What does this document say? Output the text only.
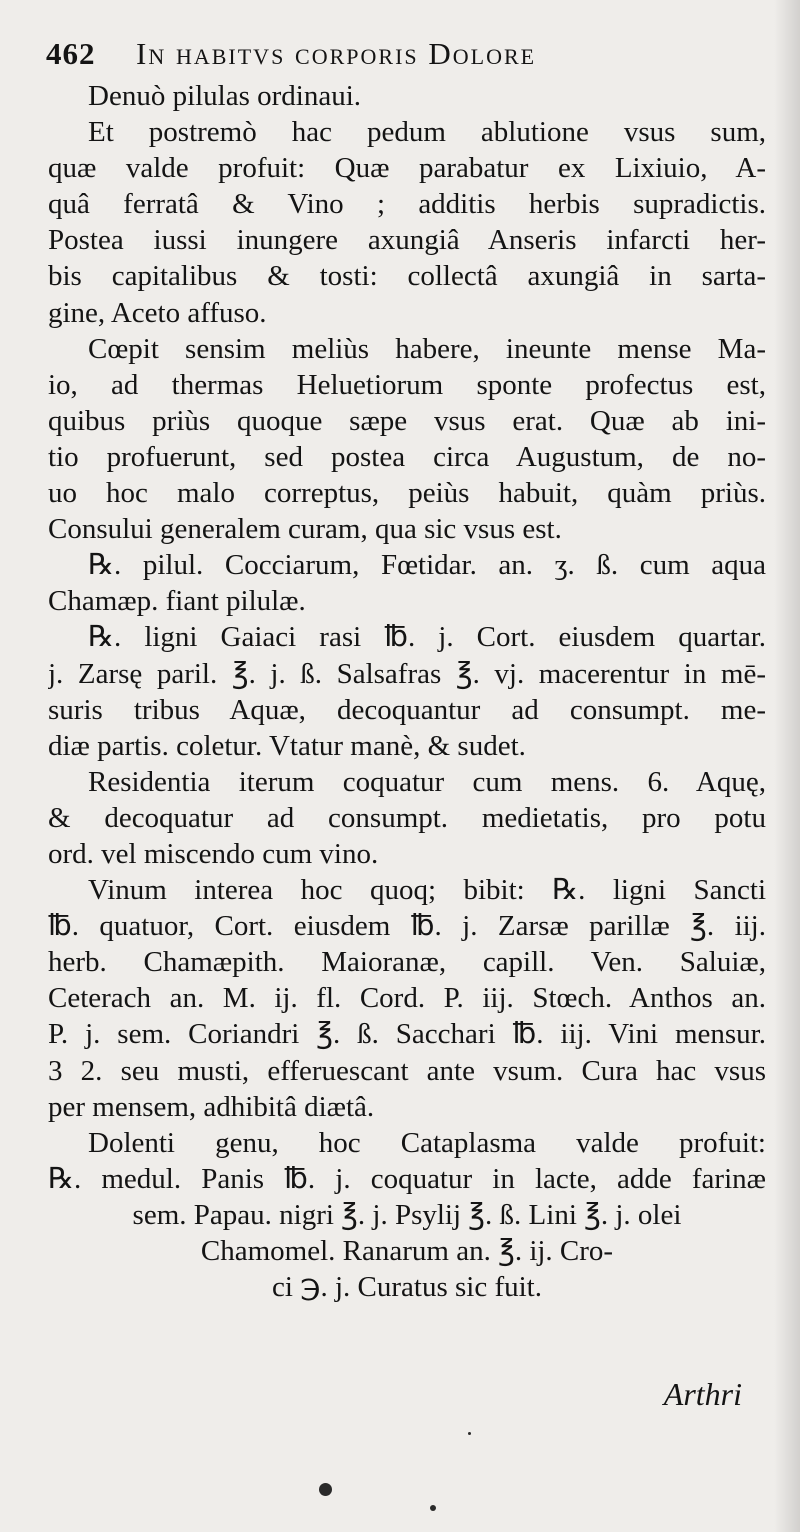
462 In habitvs corporis Dolore
Denuò pilulas ordinaui.
Et postremò hac pedum ablutione vsus sum,
quæ valde profuit: Quæ parabatur ex Lixiuio, A-
quâ ferratâ & Vino ; additis herbis supradictis.
Postea iussi inungere axungiâ Anseris infarcti her-
bis capitalibus & tosti: collectâ axungiâ in sarta-
gine, Aceto affuso.
Cœpit sensim meliùs habere, ineunte mense Ma-
io, ad thermas Heluetiorum sponte profectus est,
quibus priùs quoque sæpe vsus erat. Quæ ab ini-
tio profuerunt, sed postea circa Augustum, de no-
uo hoc malo correptus, peiùs habuit, quàm priùs.
Consului generalem curam, qua sic vsus est.
℞. pilul. Cocciarum, Fœtidar. an. ʒ. ß. cum aqua
Chamæp. fiant pilulæ.
℞. ligni Gaiaci rasi ℔. j. Cort. eiusdem quartar.
j. Zarsę paril. ℥. j. ß. Salsafras ℥. vj. macerentur in mē-
suris tribus Aquæ, decoquantur ad consumpt. me-
diæ partis. coletur. Vtatur manè, & sudet.
Residentia iterum coquatur cum mens. 6. Aquę,
& decoquatur ad consumpt. medietatis, pro potu
ord. vel miscendo cum vino.
Vinum interea hoc quoq; bibit: ℞. ligni Sancti
℔. quatuor, Cort. eiusdem ℔. j. Zarsæ parillæ ℥. iij.
herb. Chamæpith. Maioranæ, capill. Ven. Saluiæ,
Ceterach an. M. ij. fl. Cord. P. iij. Stœch. Anthos an.
P. j. sem. Coriandri ℥. ß. Sacchari ℔. iij. Vini mensur.
3 2. seu musti, efferuescant ante vsum. Cura hac vsus
per mensem, adhibitâ diætâ.
Dolenti genu, hoc Cataplasma valde profuit:
℞. medul. Panis ℔. j. coquatur in lacte, adde farinæ
sem. Papau. nigri ℥. j. Psylij ℥. ß. Lini ℥. j. olei
Chamomel. Ranarum an. ℥. ij. Cro-
ci ℈. j. Curatus sic fuit.
Arthri
